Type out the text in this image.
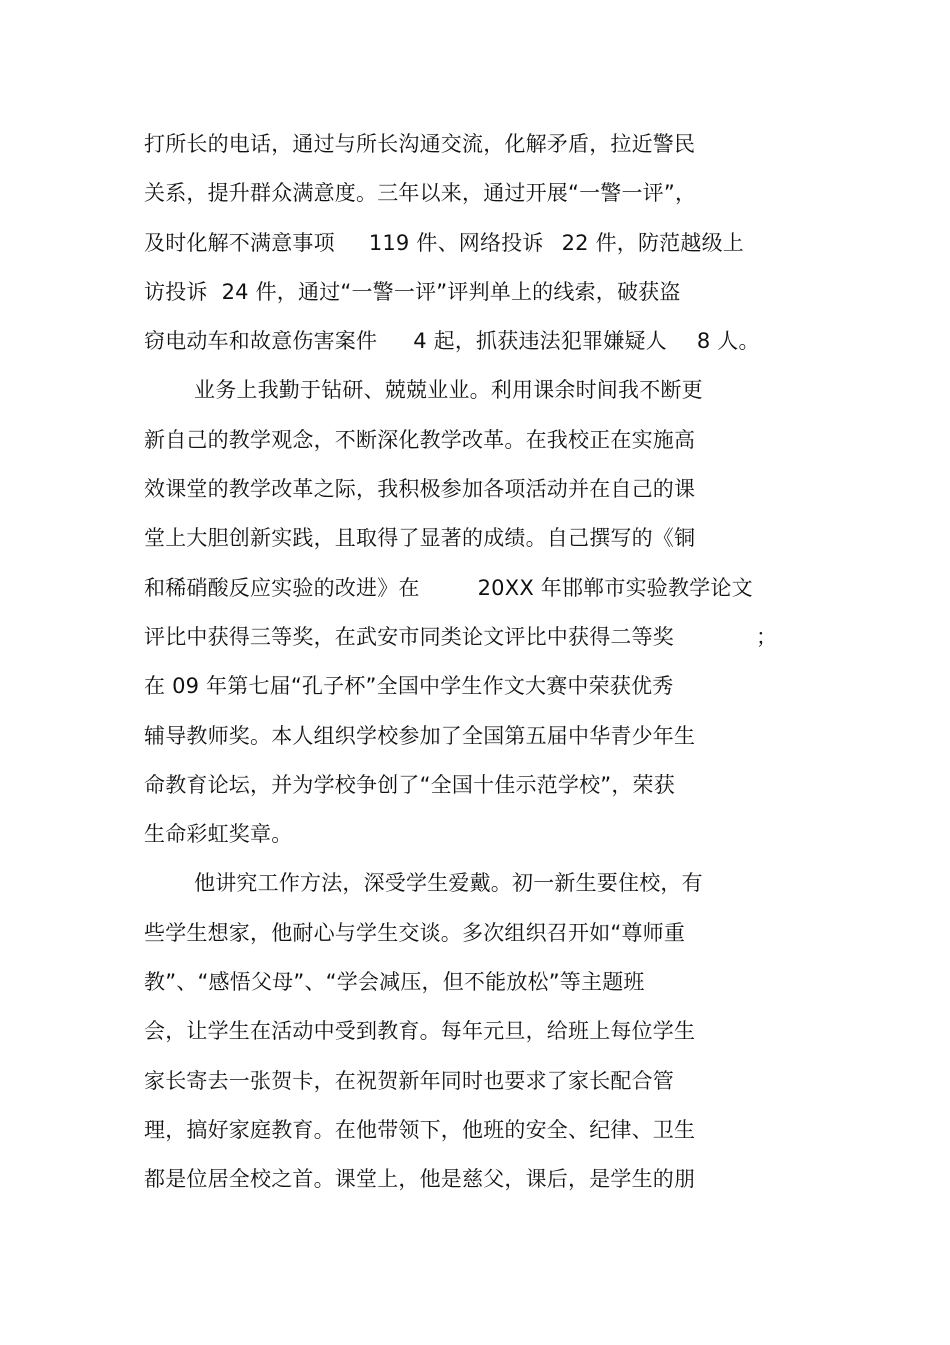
打所长的电话，通过与所长沟通交流，化解矛盾，拉近警民
关系，提升群众满意度。三年以来，通过开展“一警一评”，
及时化解不满意事项 119 件、网络投诉 22 件，防范越级上
访投诉 24 件，通过“一警一评”评判单上的线索，破获盗
窃电动车和故意伤害案件 4 起，抓获违法犯罪嫌疑人 8 人。
业务上我勤于钻研、兢兢业业。利用课余时间我不断更
新自己的教学观念，不断深化教学改革。在我校正在实施高
效课堂的教学改革之际，我积极参加各项活动并在自己的课
堂上大胆创新实践，且取得了显著的成绩。自己撰写的《铜
和稀硝酸反应实验的改进》在	20XX 年邯郸市实验教学论文
评比中获得三等奖，在武安市同类论文评比中获得二等奖	；
在 09 年第七届“孔子杯”全国中学生作文大赛中荣获优秀
辅导教师奖。本人组织学校参加了全国第五届中华青少年生
命教育论坛，并为学校争创了“全国十佳示范学校”，荣获
生命彩虹奖章。
他讲究工作方法，深受学生爱戴。初一新生要住校，有
些学生想家，他耐心与学生交谈。多次组织召开如“尊师重
教”、“感悟父母”、“学会减压，但不能放松”等主题班
会，让学生在活动中受到教育。每年元旦，给班上每位学生
家长寄去一张贺卡，在祝贺新年同时也要求了家长配合管
理，搞好家庭教育。在他带领下，他班的安全、纪律、卫生
都是位居全校之首。课堂上，他是慈父，课后，是学生的朋
